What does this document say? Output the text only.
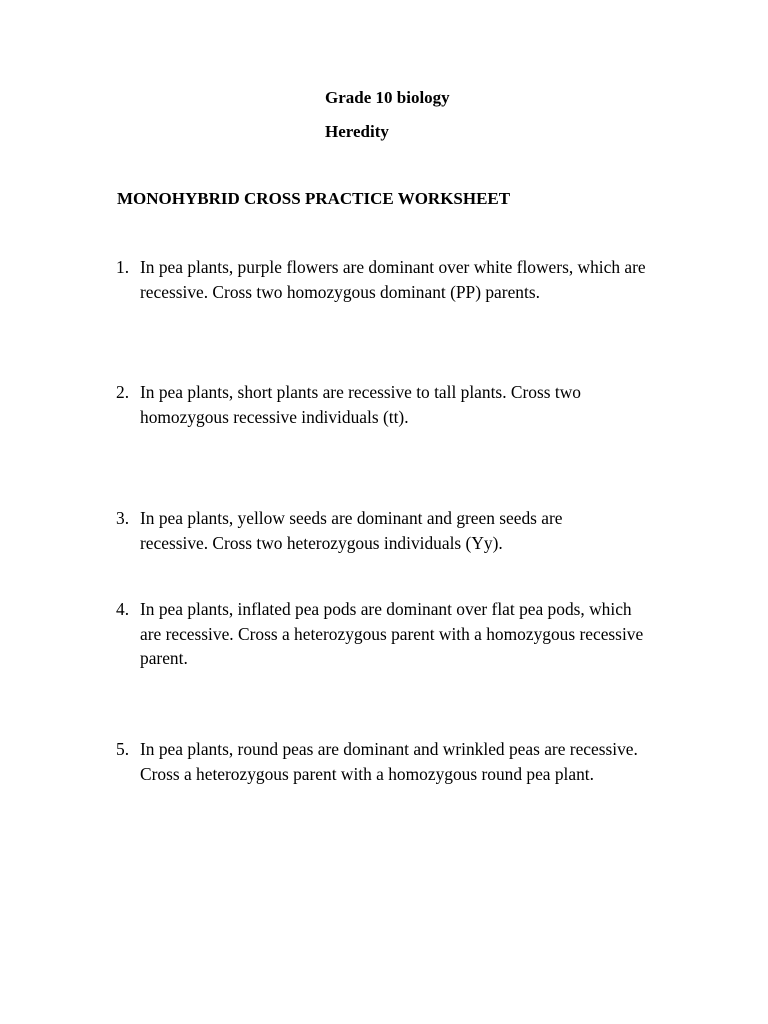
Grade 10 biology
Heredity
MONOHYBRID CROSS PRACTICE WORKSHEET
1. In pea plants, purple flowers are dominant over white flowers, which are recessive. Cross two homozygous dominant (PP) parents.
2. In pea plants, short plants are recessive to tall plants. Cross two homozygous recessive individuals (tt).
3. In pea plants, yellow seeds are dominant and green seeds are recessive. Cross two heterozygous individuals (Yy).
4. In pea plants, inflated pea pods are dominant over flat pea pods, which are recessive. Cross a heterozygous parent with a homozygous recessive parent.
5. In pea plants, round peas are dominant and wrinkled peas are recessive. Cross a heterozygous parent with a homozygous round pea plant.
